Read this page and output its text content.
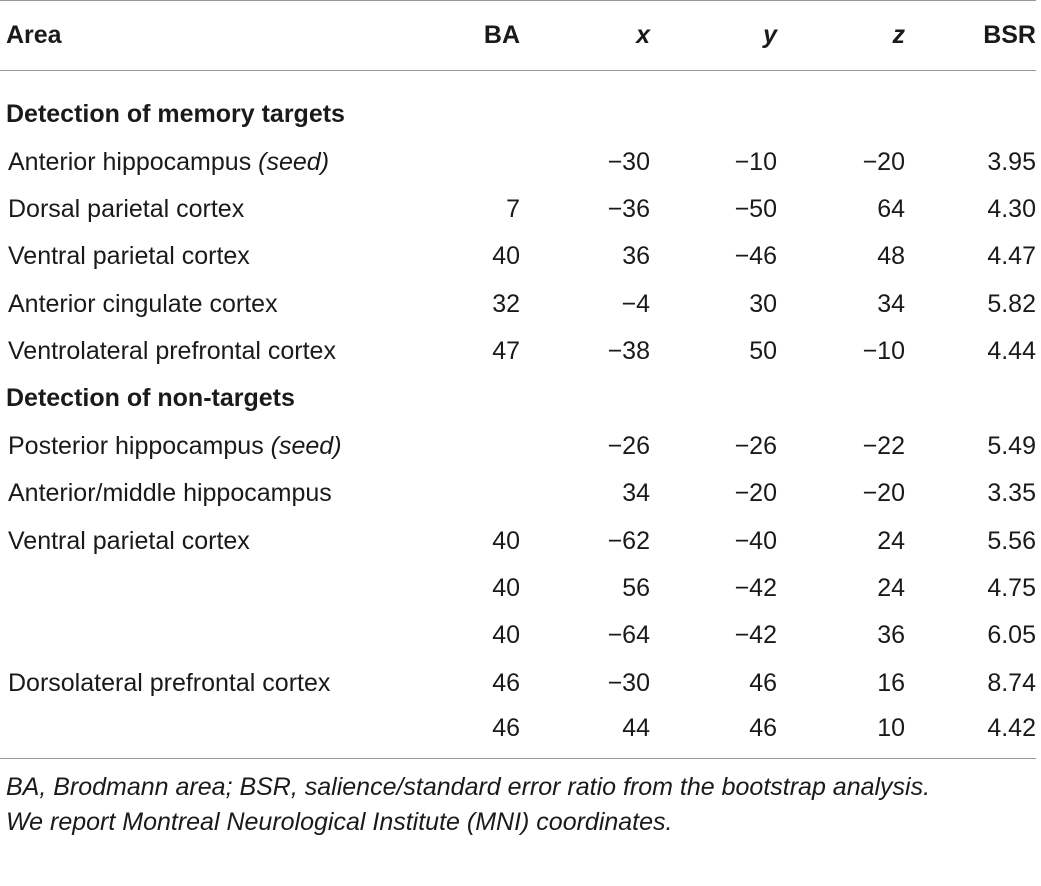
Area	BA	x	y	z	BSR
Detection of memory targets					
Anterior hippocampus (seed)		−30	−10	−20	3.95
Dorsal parietal cortex	7	−36	−50	64	4.30
Ventral parietal cortex	40	36	−46	48	4.47
Anterior cingulate cortex	32	−4	30	34	5.82
Ventrolateral prefrontal cortex	47	−38	50	−10	4.44
Detection of non-targets					
Posterior hippocampus (seed)		−26	−26	−22	5.49
Anterior/middle hippocampus		34	−20	−20	3.35
Ventral parietal cortex	40	−62	−40	24	5.56
	40	56	−42	24	4.75
	40	−64	−42	36	6.05
Dorsolateral prefrontal cortex	46	−30	46	16	8.74
	46	44	46	10	4.42
BA, Brodmann area; BSR, salience/standard error ratio from the bootstrap analysis.
We report Montreal Neurological Institute (MNI) coordinates.
